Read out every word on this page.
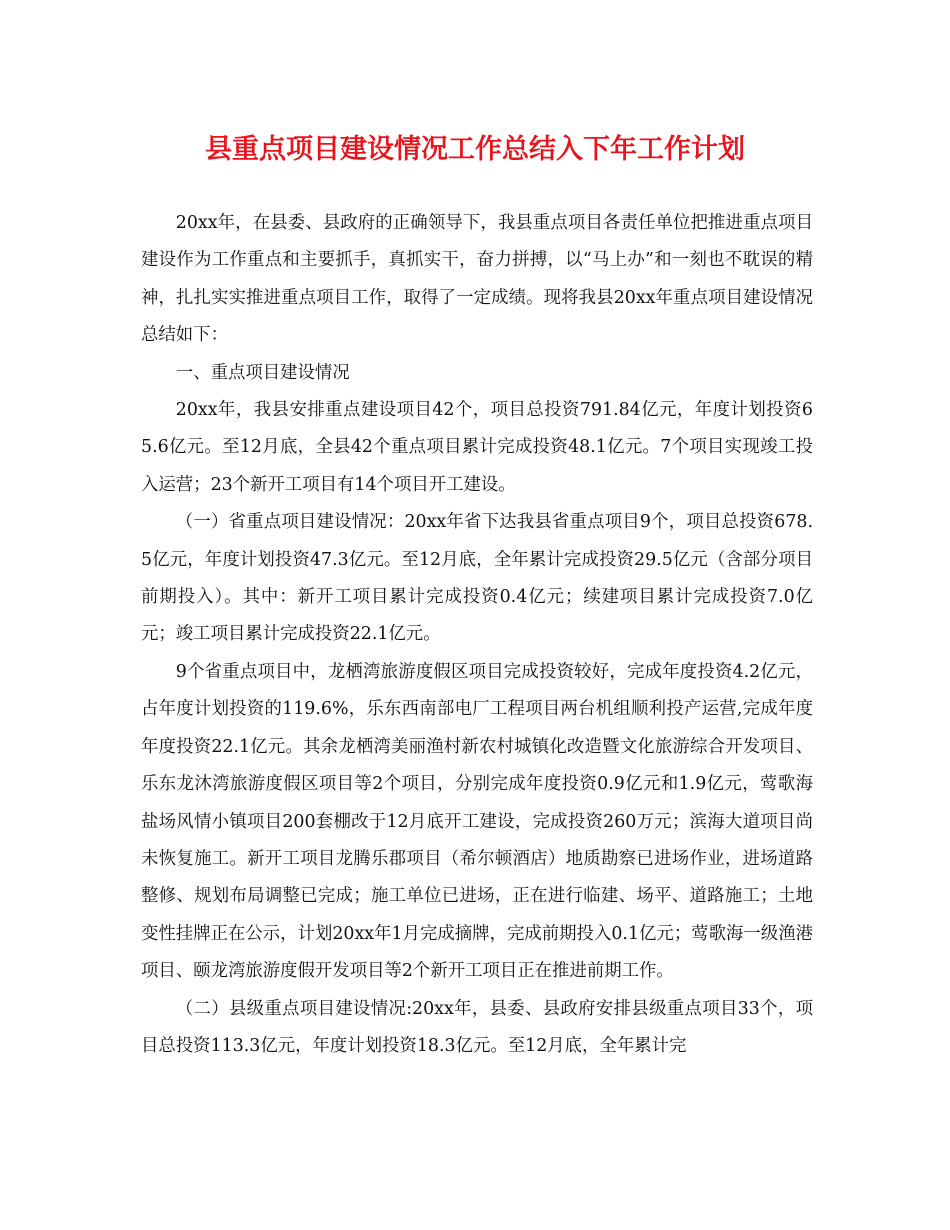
县重点项目建设情况工作总结入下年工作计划

20xx年，在县委、县政府的正确领导下，我县重点项目各责任单位把推进重点项目建设作为工作重点和主要抓手，真抓实干，奋力拼搏，以“马上办”和一刻也不耽误的精神，扎扎实实推进重点项目工作，取得了一定成绩。现将我县20xx年重点项目建设情况总结如下：

一、重点项目建设情况

20xx年，我县安排重点建设项目42个，项目总投资791.84亿元，年度计划投资65.6亿元。至12月底，全县42个重点项目累计完成投资48.1亿元。7个项目实现竣工投入运营；23个新开工项目有14个项目开工建设。

（一）省重点项目建设情况：20xx年省下达我县省重点项目9个，项目总投资678.5亿元，年度计划投资47.3亿元。至12月底，全年累计完成投资29.5亿元（含部分项目前期投入）。其中：新开工项目累计完成投资0.4亿元；续建项目累计完成投资7.0亿元；竣工项目累计完成投资22.1亿元。

9个省重点项目中，龙栖湾旅游度假区项目完成投资较好，完成年度投资4.2亿元，占年度计划投资的119.6%，乐东西南部电厂工程项目两台机组顺利投产运营,完成年度年度投资22.1亿元。其余龙栖湾美丽渔村新农村城镇化改造暨文化旅游综合开发项目、乐东龙沐湾旅游度假区项目等2个项目，分别完成年度投资0.9亿元和1.9亿元，莺歌海盐场风情小镇项目200套棚改于12月底开工建设，完成投资260万元；滨海大道项目尚未恢复施工。新开工项目龙腾乐郡项目（希尔顿酒店）地质勘察已进场作业，进场道路整修、规划布局调整已完成；施工单位已进场，正在进行临建、场平、道路施工；土地变性挂牌正在公示，计划20xx年1月完成摘牌，完成前期投入0.1亿元；莺歌海一级渔港项目、颐龙湾旅游度假开发项目等2个新开工项目正在推进前期工作。

（二）县级重点项目建设情况:20xx年，县委、县政府安排县级重点项目33个，项目总投资113.3亿元，年度计划投资18.3亿元。至12月底，全年累计完
